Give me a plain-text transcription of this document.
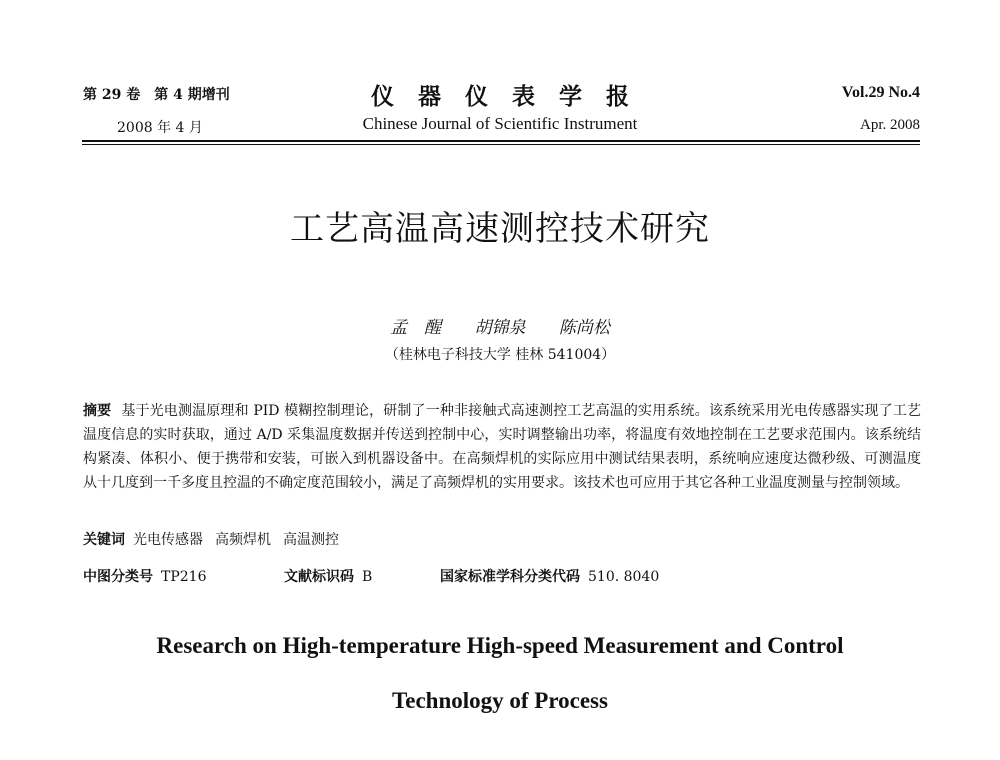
第 29 卷　第 4 期增刊
2008 年 4 月
仪器仪表学报
Chinese Journal of Scientific Instrument
Vol.29 No.4
Apr. 2008
工艺高温高速测控技术研究
孟　醒 胡锦泉 陈尚松
（桂林电子科技大学 桂林 541004）
摘要 基于光电测温原理和 PID 模糊控制理论，研制了一种非接触式高速测控工艺高温的实用系统。该系统采用光电传感器实现了工艺温度信息的实时获取，通过 A/D 采集温度数据并传送到控制中心，实时调整输出功率，将温度有效地控制在工艺要求范围内。该系统结构紧凑、体积小、便于携带和安装，可嵌入到机器设备中。在高频焊机的实际应用中测试结果表明，系统响应速度达微秒级、可测温度从十几度到一千多度且控温的不确定度范围较小，满足了高频焊机的实用要求。该技术也可应用于其它各种工业温度测量与控制领域。
关键词 光电传感器 高频焊机 高温测控
中图分类号 TP216	文献标识码 B	国家标准学科分类代码 510. 8040
Research on High-temperature High-speed Measurement and Control
Technology of Process
